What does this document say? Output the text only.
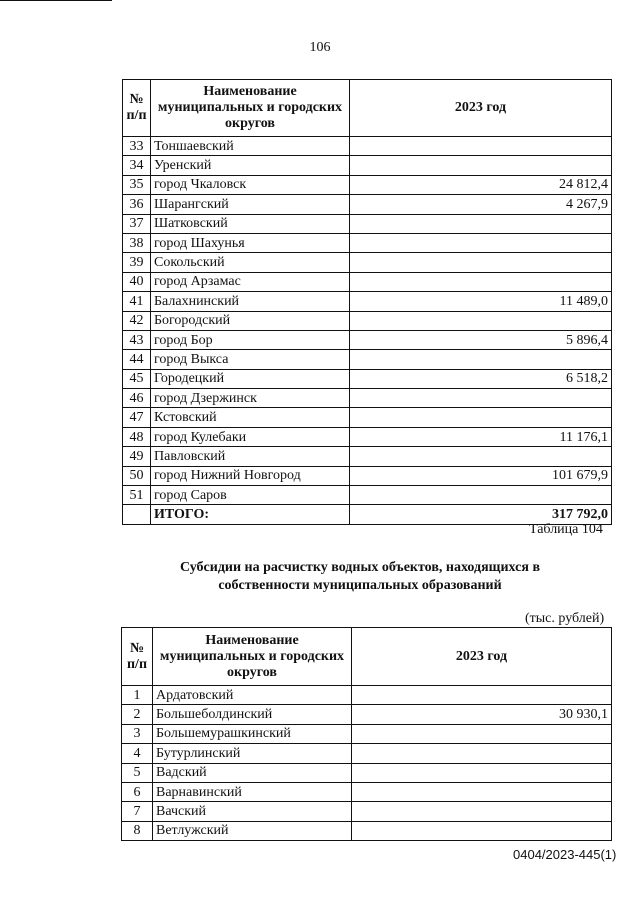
106
№ п/п	Наименование муниципальных и городских округов	2023 год
33	Тоншаевский	
34	Уренский	
35	город Чкаловск	24 812,4
36	Шарангский	4 267,9
37	Шатковский	
38	город Шахунья	
39	Сокольский	
40	город Арзамас	
41	Балахнинский	11 489,0
42	Богородский	
43	город Бор	5 896,4
44	город Выкса	
45	Городецкий	6 518,2
46	город Дзержинск	
47	Кстовский	
48	город Кулебаки	11 176,1
49	Павловский	
50	город Нижний Новгород	101 679,9
51	город Саров	
	ИТОГО:	317 792,0
Таблица 104
Субсидии на расчистку водных объектов, находящихся в
собственности муниципальных образований
(тыс. рублей)
№ п/п	Наименование муниципальных и городских округов	2023 год
1	Ардатовский	
2	Большеболдинский	30 930,1
3	Большемурашкинский	
4	Бутурлинский	
5	Вадский	
6	Варнавинский	
7	Вачский	
8	Ветлужский	
0404/2023-445(1)
